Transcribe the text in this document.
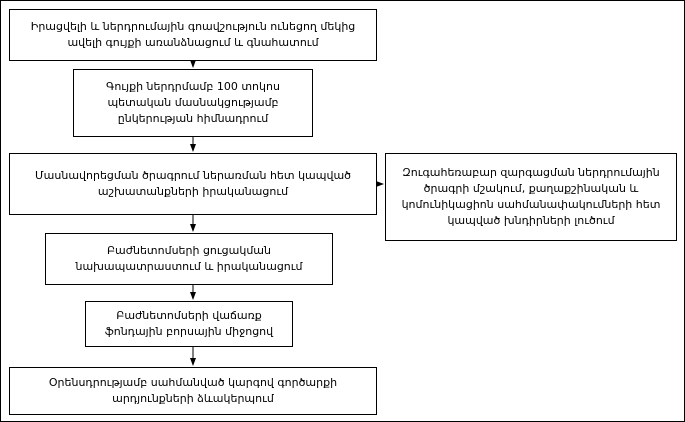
Իրացվելի և ներդրումային գոավշություն ունեցող մեկից ավելի գույքի առանձնացում և գնահատում
Գույքի ներդրմամբ 100 տոկոս պետական մասնակցությամբ ընկերության հիմնադրում
Մասնավորեցման ծրագրում ներառման հետ կապված աշխատանքների իրականացում
Բաժնետոմսերի ցուցակման նախապատրաստում և իրականացում
Բաժնետոմսերի վաճառք ֆոնդային բորսային միջոցով
Օրենսդրությամբ սահմանված կարգով գործարքի արդյունքների ձևակերպում
Զուգահեռաբար զարգացման ներդրումային ծրագրի մշակում, քաղաքշինական և կոմունիկացիոն սահմանափակումների հետ կապված խնդիրների լուծում
